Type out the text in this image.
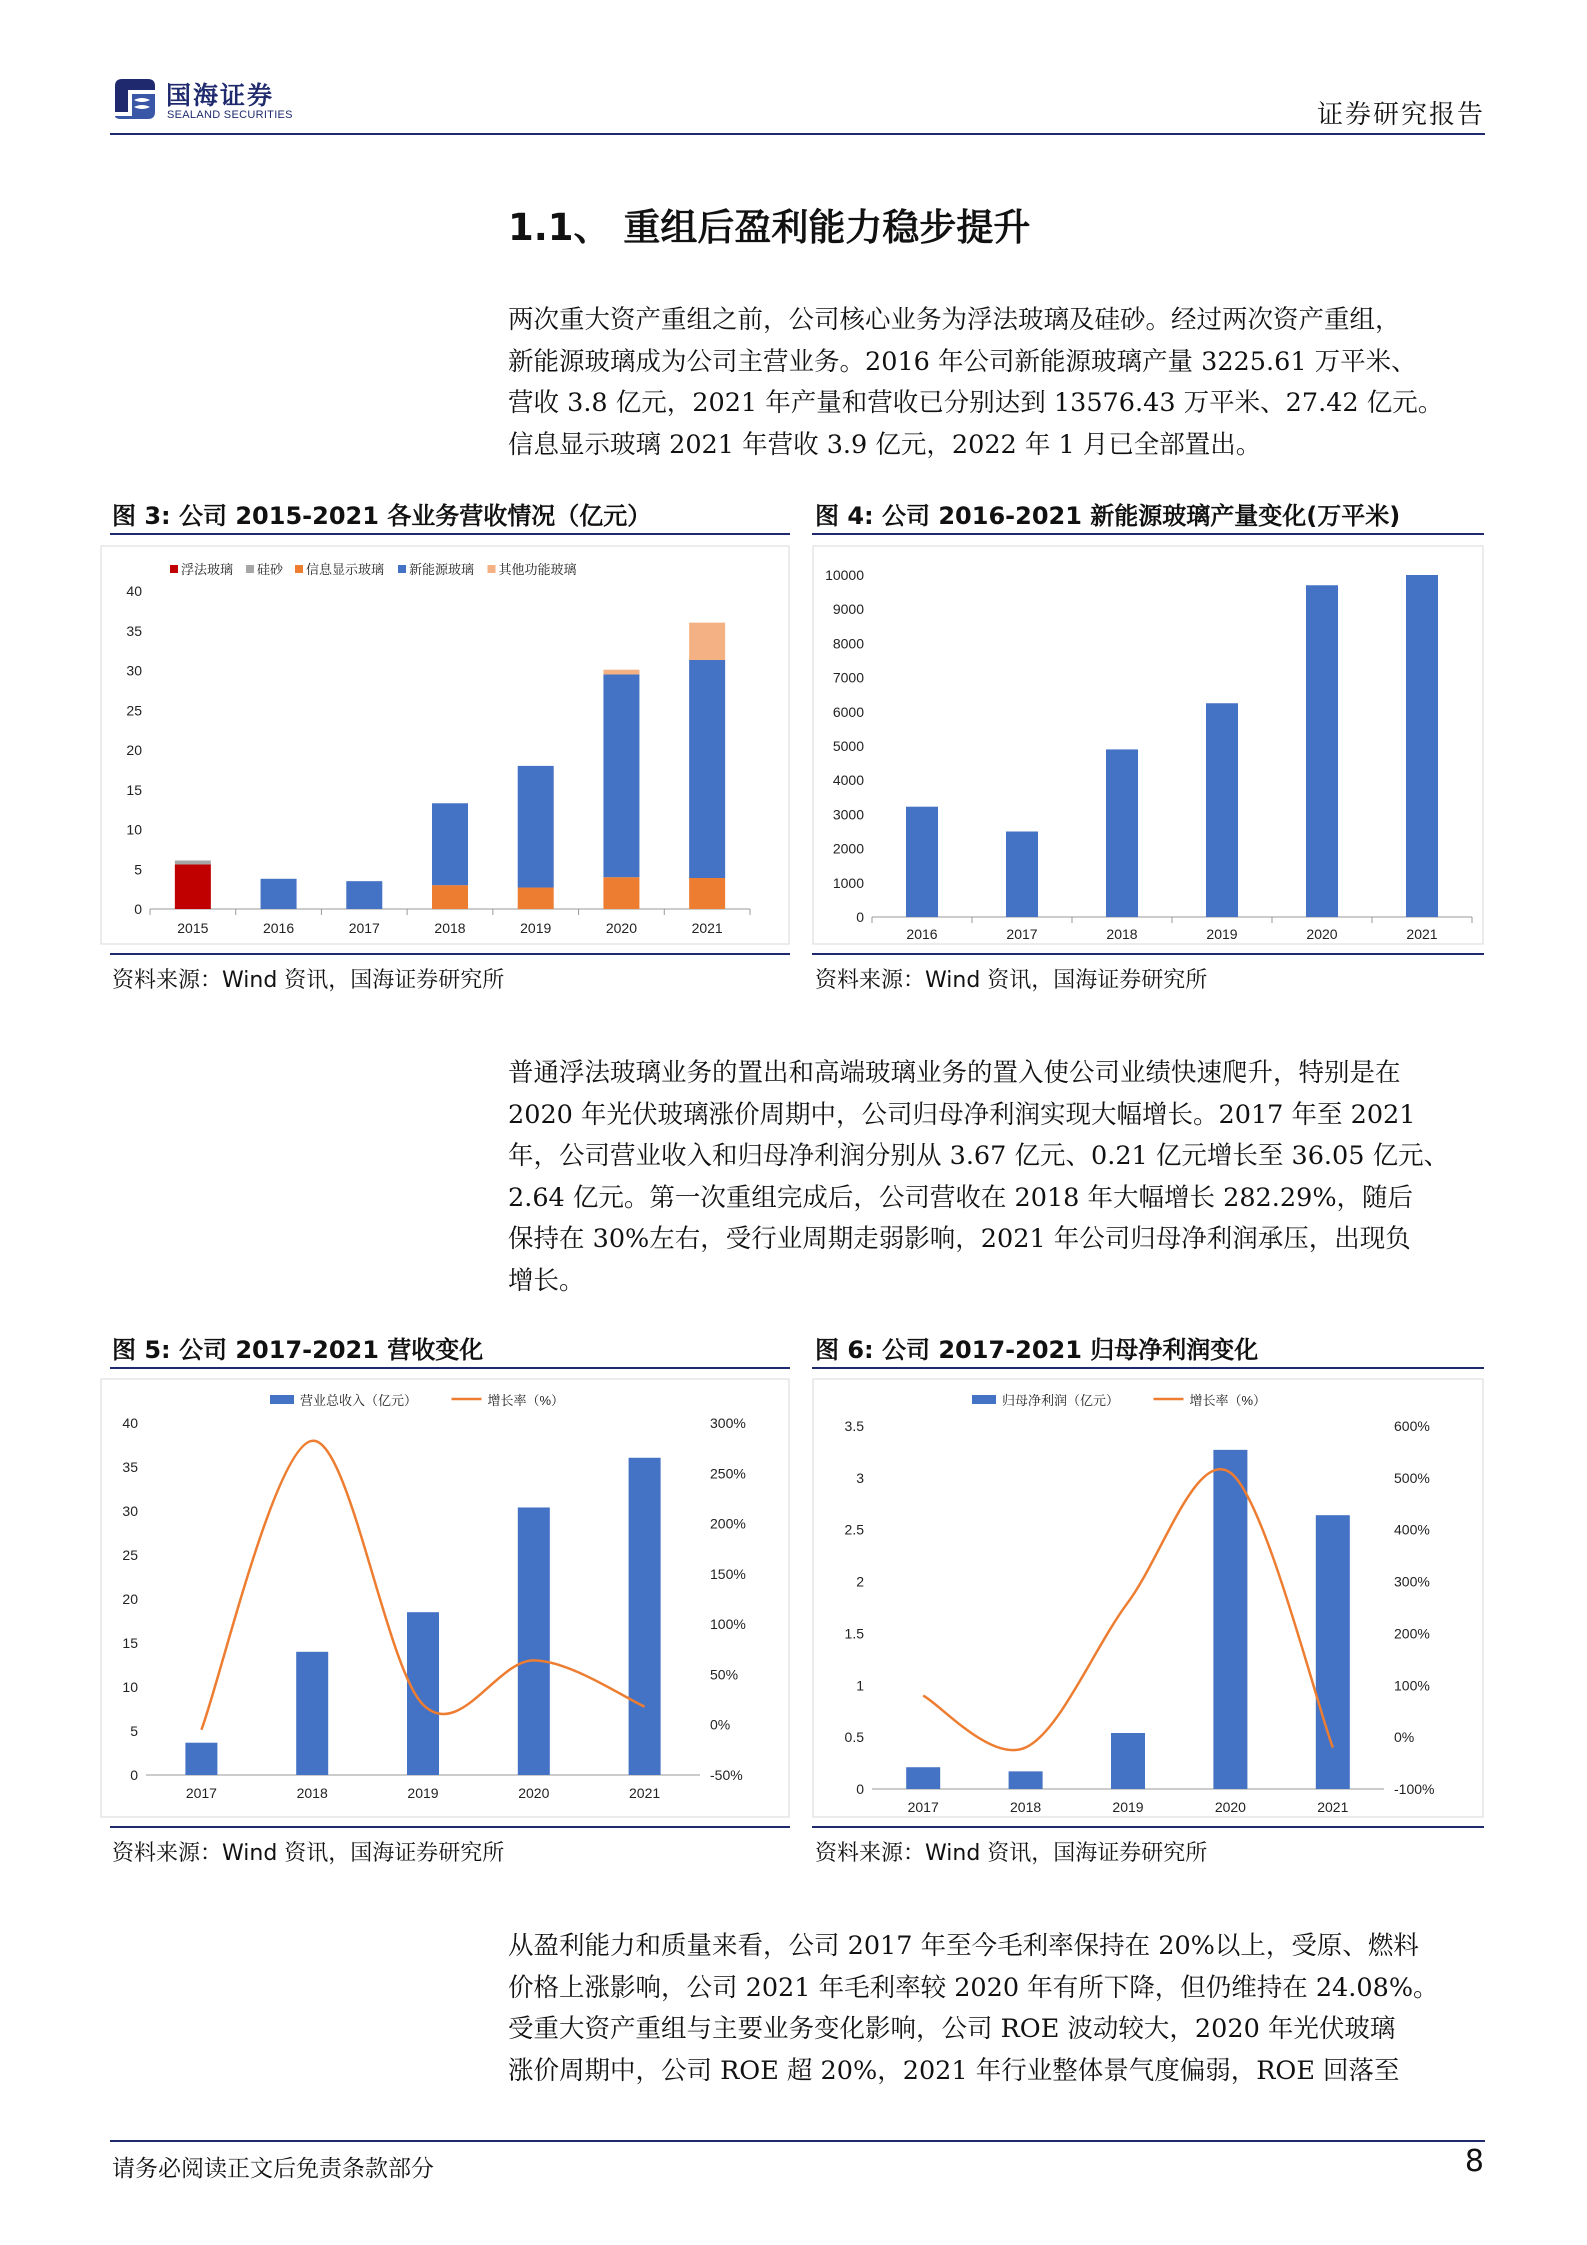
国海证券
SEALAND SECURITIES	证券研究报告
1.1、 重组后盈利能力稳步提升
两次重大资产重组之前，公司核心业务为浮法玻璃及硅砂。经过两次资产重组，
新能源玻璃成为公司主营业务。2016 年公司新能源玻璃产量 3225.61 万平米、
营收 3.8 亿元，2021 年产量和营收已分别达到 13576.43 万平米、27.42 亿元。
信息显示玻璃 2021 年营收 3.9 亿元，2022 年 1 月已全部置出。
图 3: 公司 2015-2021 各业务营收情况（亿元）	图 4: 公司 2016-2021 新能源玻璃产量变化(万平米)
浮法玻璃 硅砂 信息显示玻璃 新能源玻璃 其他功能玻璃
0
5
10
15
20
25
30
35
40
2015	2016	2017	2018	2019	2020	2021
0
1000
2000
3000
4000
5000
6000
7000
8000
9000
10000
2016	2017	2018	2019	2020	2021
资料来源：Wind 资讯，国海证券研究所	资料来源：Wind 资讯，国海证券研究所
普通浮法玻璃业务的置出和高端玻璃业务的置入使公司业绩快速爬升，特别是在
2020 年光伏玻璃涨价周期中，公司归母净利润实现大幅增长。2017 年至 2021
年，公司营业收入和归母净利润分别从 3.67 亿元、0.21 亿元增长至 36.05 亿元、
2.64 亿元。第一次重组完成后，公司营收在 2018 年大幅增长 282.29%，随后
保持在 30%左右，受行业周期走弱影响，2021 年公司归母净利润承压，出现负
增长。
图 5: 公司 2017-2021 营收变化	图 6: 公司 2017-2021 归母净利润变化
营业总收入（亿元）	增长率（%）
0
5
10
15
20
25
30
35
40
-50%
0%
50%
100%
150%
200%
250%
300%
2017	2018	2019	2020	2021
归母净利润（亿元）	增长率（%）
0
0.5
1
1.5
2
2.5
3
3.5
-100%
0%
100%
200%
300%
400%
500%
600%
2017	2018	2019	2020	2021
资料来源：Wind 资讯，国海证券研究所	资料来源：Wind 资讯，国海证券研究所
从盈利能力和质量来看，公司 2017 年至今毛利率保持在 20%以上，受原、燃料
价格上涨影响，公司 2021 年毛利率较 2020 年有所下降，但仍维持在 24.08%。
受重大资产重组与主要业务变化影响，公司 ROE 波动较大，2020 年光伏玻璃
涨价周期中，公司 ROE 超 20%，2021 年行业整体景气度偏弱，ROE 回落至
请务必阅读正文后免责条款部分	8
